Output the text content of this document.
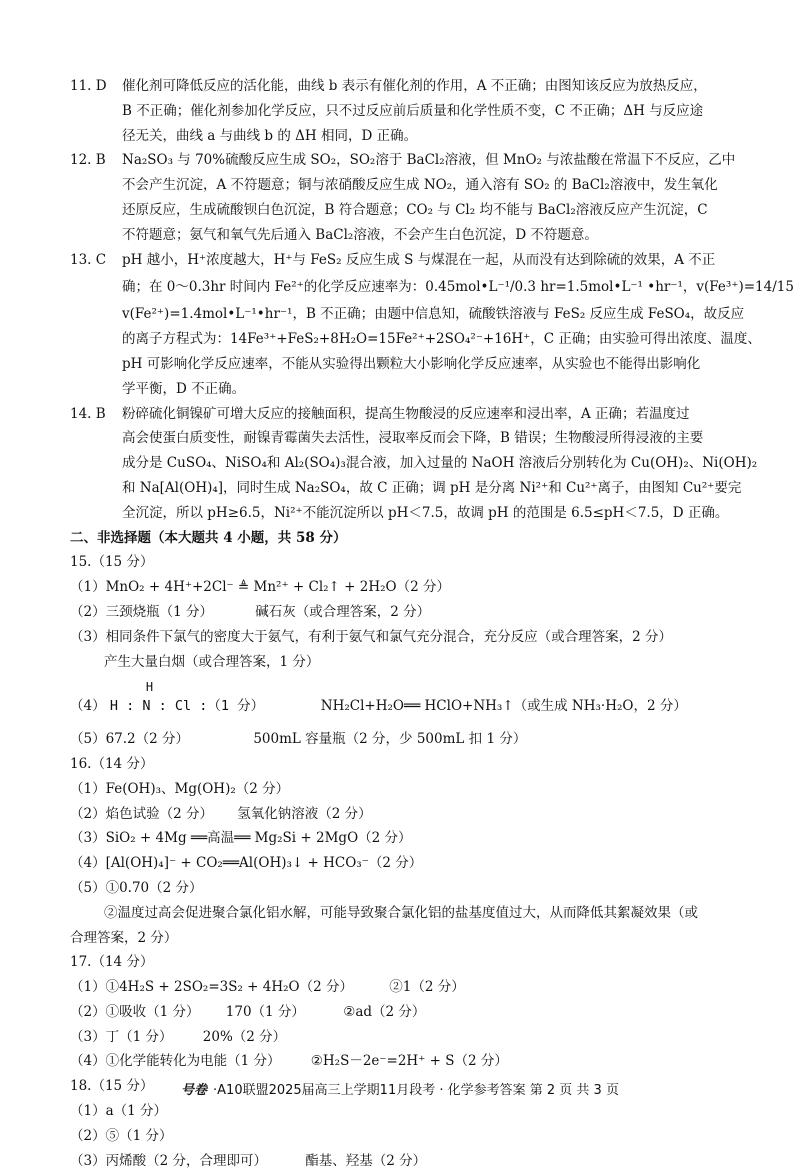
11. D	催化剂可降低反应的活化能，曲线 b 表示有催化剂的作用，A 不正确；由图知该反应为放热反应，
B 不正确；催化剂参加化学反应，只不过反应前后质量和化学性质不变，C 不正确；ΔH 与反应途
径无关，曲线 a 与曲线 b 的 ΔH 相同，D 正确。
12. B	Na₂SO₃ 与 70%硫酸反应生成 SO₂，SO₂溶于 BaCl₂溶液，但 MnO₂ 与浓盐酸在常温下不反应，乙中
不会产生沉淀，A 不符题意；铜与浓硝酸反应生成 NO₂，通入溶有 SO₂ 的 BaCl₂溶液中，发生氧化
还原反应，生成硫酸钡白色沉淀，B 符合题意；CO₂ 与 Cl₂ 均不能与 BaCl₂溶液反应产生沉淀，C
不符题意；氨气和氧气先后通入 BaCl₂溶液，不会产生白色沉淀，D 不符题意。
13. C	pH 越小，H⁺浓度越大，H⁺与 FeS₂ 反应生成 S 与煤混在一起，从而没有达到除硫的效果，A 不正
确；在 0～0.3hr 时间内 Fe²⁺的化学反应速率为：0.45mol•L⁻¹/0.3 hr=1.5mol•L⁻¹ •hr⁻¹，v(Fe³⁺)=14/15
v(Fe²⁺)=1.4mol•L⁻¹•hr⁻¹，B 不正确；由题中信息知，硫酸铁溶液与 FeS₂ 反应生成 FeSO₄，故反应
的离子方程式为：14Fe³⁺+FeS₂+8H₂O=15Fe²⁺+2SO₄²⁻+16H⁺，C 正确；由实验可得出浓度、温度、
pH 可影响化学反应速率，不能从实验得出颗粒大小影响化学反应速率，从实验也不能得出影响化
学平衡，D 不正确。
14. B	粉碎硫化铜镍矿可增大反应的接触面积，提高生物酸浸的反应速率和浸出率，A 正确；若温度过
高会使蛋白质变性，耐镍青霉菌失去活性，浸取率反而会下降，B 错误；生物酸浸所得浸液的主要
成分是 CuSO₄、NiSO₄和 Al₂(SO₄)₃混合液，加入过量的 NaOH 溶液后分别转化为 Cu(OH)₂、Ni(OH)₂
和 Na[Al(OH)₄]，同时生成 Na₂SO₄，故 C 正确；调 pH 是分离 Ni²⁺和 Cu²⁺离子，由图知 Cu²⁺要完
全沉淀，所以 pH≥6.5，Ni²⁺不能沉淀所以 pH＜7.5，故调 pH 的范围是 6.5≤pH＜7.5，D 正确。
二、非选择题（本大题共 4 小题，共 58 分）
15.（15 分）
（1）MnO₂ + 4H⁺+2Cl⁻ ≜ Mn²⁺ + Cl₂↑ + 2H₂O（2 分）
（2）三颈烧瓶（1 分）	碱石灰（或合理答案，2 分）
（3）相同条件下氯气的密度大于氨气，有利于氨气和氯气充分混合，充分反应（或合理答案，2 分）
产生大量白烟（或合理答案，1 分）
（4）
H
H : N : Cl :（1 分）	NH₂Cl+H₂O══ HClO+NH₃↑（或生成 NH₃·H₂O，2 分）
（5）67.2（2 分）	500mL 容量瓶（2 分，少 500mL 扣 1 分）
16.（14 分）
（1）Fe(OH)₃、Mg(OH)₂（2 分）
（2）焰色试验（2 分） 氢氧化钠溶液（2 分）
（3）SiO₂ + 4Mg ══高温══ Mg₂Si + 2MgO（2 分）
（4）[Al(OH)₄]⁻ + CO₂══Al(OH)₃↓ + HCO₃⁻（2 分）
（5）①0.70（2 分）
②温度过高会促进聚合氯化铝水解，可能导致聚合氯化铝的盐基度值过大，从而降低其絮凝效果（或
合理答案，2 分）
17.（14 分）
（1）①4H₂S + 2SO₂=3S₂ + 4H₂O（2 分）	②1（2 分）
（2）①吸收（1 分） 170（1 分）	②ad（2 分）
（3）丁（1 分） 20%（2 分）
（4）①化学能转化为电能（1 分） ②H₂S－2e⁻=2H⁺ + S（2 分）
18.（15 分）
（1）a（1 分）
（2）⑤（1 分）
（3）丙烯酸（2 分，合理即可）	酯基、羟基（2 分）
号卷 ·A10联盟2025届高三上学期11月段考 · 化学参考答案 第 2 页 共 3 页
